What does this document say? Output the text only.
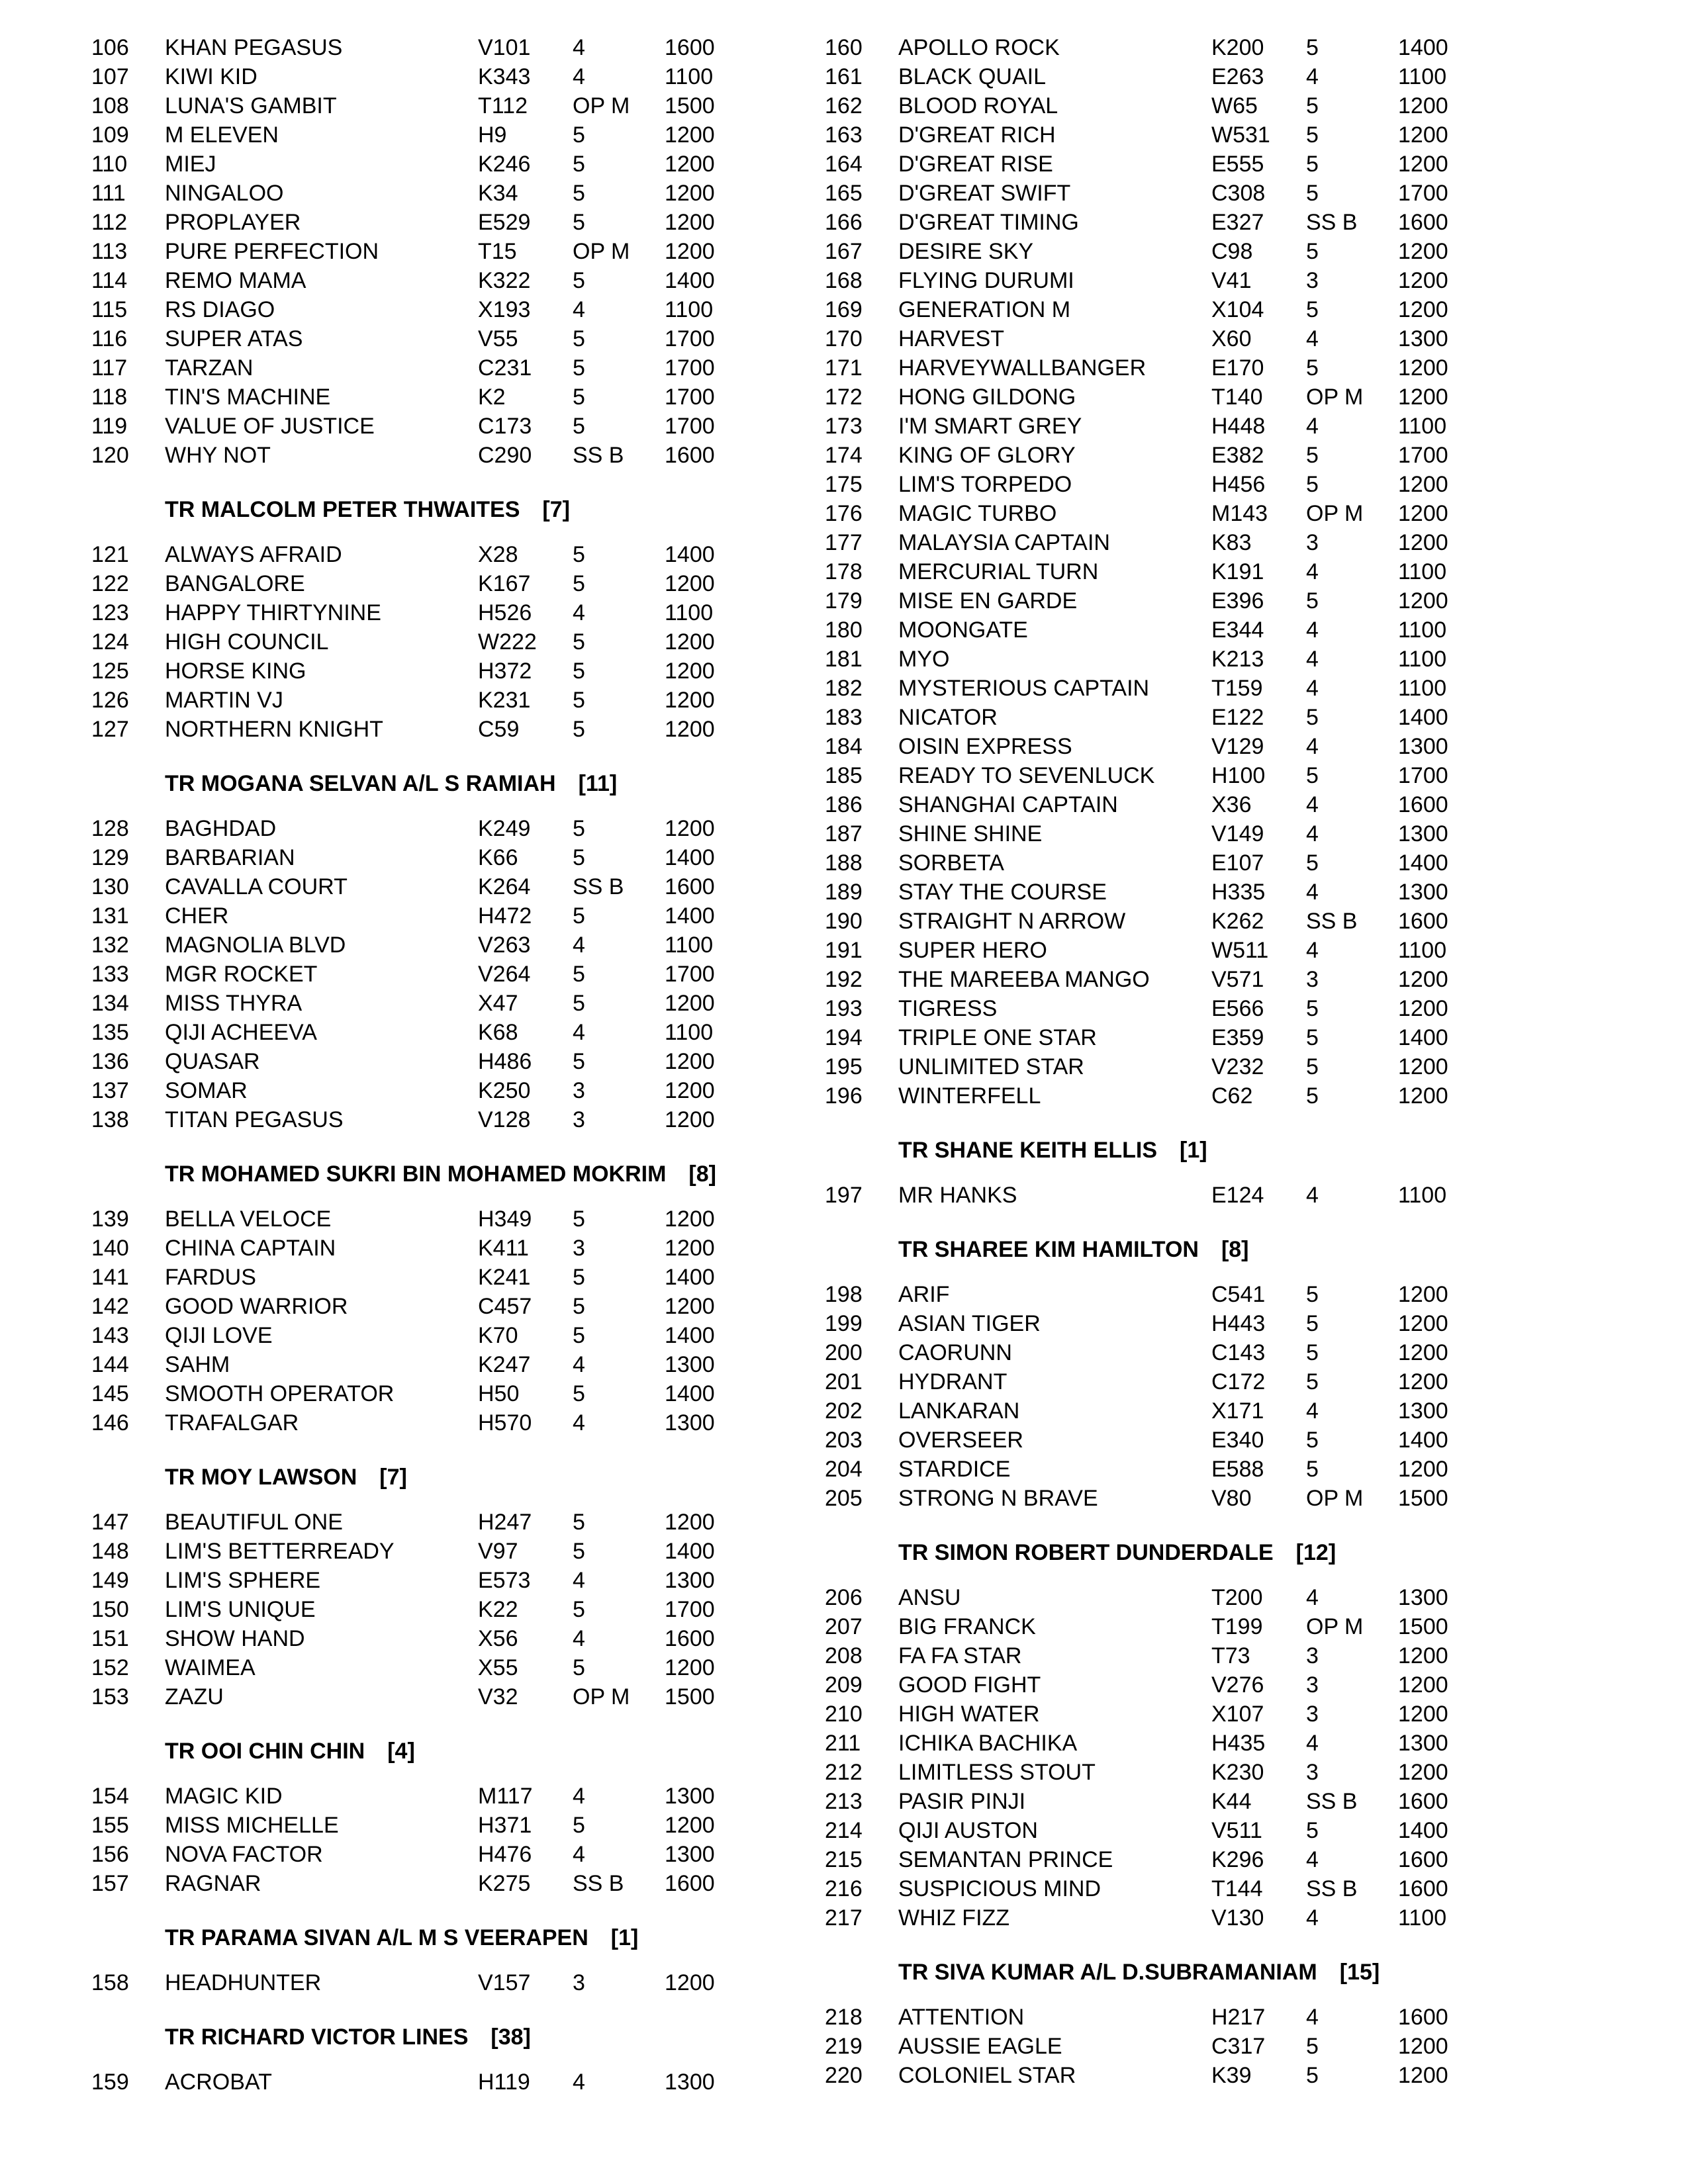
106 KHAN PEGASUS	V101 4	1600
107 KIWI KID	K343 4	1100
108 LUNA'S GAMBIT	T112 OP M 1500
109 M ELEVEN	H9	5	1200
110 MIEJ	K246 5	1200
111 NINGALOO	K34 5	1200
112 PROPLAYER	E529 5	1200
113 PURE PERFECTION	T15 OP M 1200
114 REMO MAMA	K322 5	1400
115 RS DIAGO	X193 4	1100
116 SUPER ATAS	V55 5	1700
117 TARZAN	C231 5	1700
118 TIN'S MACHINE	K2	5	1700
119 VALUE OF JUSTICE	C173 5	1700
120 WHY NOT	C290 SS B 1600
TR MALCOLM PETER THWAITES [7]
121 ALWAYS AFRAID	X28 5	1400
122 BANGALORE	K167 5	1200
123 HAPPY THIRTYNINE	H526 4	1100
124 HIGH COUNCIL	W222 5	1200
125 HORSE KING	H372 5	1200
126 MARTIN VJ	K231 5	1200
127 NORTHERN KNIGHT	C59 5	1200
TR MOGANA SELVAN A/L S RAMIAH [11]
128 BAGHDAD	K249 5	1200
129 BARBARIAN	K66 5	1400
130 CAVALLA COURT	K264 SS B 1600
131 CHER	H472 5	1400
132 MAGNOLIA BLVD	V263 4	1100
133 MGR ROCKET	V264 5	1700
134 MISS THYRA	X47 5	1200
135 QIJI ACHEEVA	K68 4	1100
136 QUASAR	H486 5	1200
137 SOMAR	K250 3	1200
138 TITAN PEGASUS	V128 3	1200
TR MOHAMED SUKRI BIN MOHAMED MOKRIM [8]
139 BELLA VELOCE	H349 5	1200
140 CHINA CAPTAIN	K411 3	1200
141 FARDUS	K241 5	1400
142 GOOD WARRIOR	C457 5	1200
143 QIJI LOVE	K70 5	1400
144 SAHM	K247 4	1300
145 SMOOTH OPERATOR	H50 5	1400
146 TRAFALGAR	H570 4	1300
TR MOY LAWSON [7]
147 BEAUTIFUL ONE	H247 5	1200
148 LIM'S BETTERREADY	V97 5	1400
149 LIM'S SPHERE	E573 4	1300
150 LIM'S UNIQUE	K22 5	1700
151 SHOW HAND	X56 4	1600
152 WAIMEA	X55 5	1200
153 ZAZU	V32 OP M 1500
TR OOI CHIN CHIN [4]
154 MAGIC KID	M117 4	1300
155 MISS MICHELLE	H371 5	1200
156 NOVA FACTOR	H476 4	1300
157 RAGNAR	K275 SS B 1600
TR PARAMA SIVAN A/L M S VEERAPEN [1]
158 HEADHUNTER	V157 3	1200
TR RICHARD VICTOR LINES [38]
159 ACROBAT	H119 4	1300
160 APOLLO ROCK	K200 5	1400
161 BLACK QUAIL	E263 4	1100
162 BLOOD ROYAL	W65 5	1200
163 D'GREAT RICH	W531 5	1200
164 D'GREAT RISE	E555 5	1200
165 D'GREAT SWIFT	C308 5	1700
166 D'GREAT TIMING	E327 SS B 1600
167 DESIRE SKY	C98 5	1200
168 FLYING DURUMI	V41 3	1200
169 GENERATION M	X104 5	1200
170 HARVEST	X60 4	1300
171 HARVEYWALLBANGER	E170 5	1200
172 HONG GILDONG	T140 OP M 1200
173 I'M SMART GREY	H448 4	1100
174 KING OF GLORY	E382 5	1700
175 LIM'S TORPEDO	H456 5	1200
176 MAGIC TURBO	M143 OP M 1200
177 MALAYSIA CAPTAIN	K83 3	1200
178 MERCURIAL TURN	K191 4	1100
179 MISE EN GARDE	E396 5	1200
180 MOONGATE	E344 4	1100
181 MYO	K213 4	1100
182 MYSTERIOUS CAPTAIN	T159 4	1100
183 NICATOR	E122 5	1400
184 OISIN EXPRESS	V129 4	1300
185 READY TO SEVENLUCK	H100 5	1700
186 SHANGHAI CAPTAIN	X36 4	1600
187 SHINE SHINE	V149 4	1300
188 SORBETA	E107 5	1400
189 STAY THE COURSE	H335 4	1300
190 STRAIGHT N ARROW	K262 SS B 1600
191 SUPER HERO	W511 4	1100
192 THE MAREEBA MANGO	V571 3	1200
193 TIGRESS	E566 5	1200
194 TRIPLE ONE STAR	E359 5	1400
195 UNLIMITED STAR	V232 5	1200
196 WINTERFELL	C62 5	1200
TR SHANE KEITH ELLIS [1]
197 MR HANKS	E124 4	1100
TR SHAREE KIM HAMILTON [8]
198 ARIF	C541 5	1200
199 ASIAN TIGER	H443 5	1200
200 CAORUNN	C143 5	1200
201 HYDRANT	C172 5	1200
202 LANKARAN	X171 4	1300
203 OVERSEER	E340 5	1400
204 STARDICE	E588 5	1200
205 STRONG N BRAVE	V80 OP M 1500
TR SIMON ROBERT DUNDERDALE [12]
206 ANSU	T200 4	1300
207 BIG FRANCK	T199 OP M 1500
208 FA FA STAR	T73 3	1200
209 GOOD FIGHT	V276 3	1200
210 HIGH WATER	X107 3	1200
211 ICHIKA BACHIKA	H435 4	1300
212 LIMITLESS STOUT	K230 3	1200
213 PASIR PINJI	K44 SS B 1600
214 QIJI AUSTON	V511 5	1400
215 SEMANTAN PRINCE	K296 4	1600
216 SUSPICIOUS MIND	T144 SS B 1600
217 WHIZ FIZZ	V130 4	1100
TR SIVA KUMAR A/L D.SUBRAMANIAM [15]
218 ATTENTION	H217 4	1600
219 AUSSIE EAGLE	C317 5	1200
220 COLONIEL STAR	K39 5	1200
